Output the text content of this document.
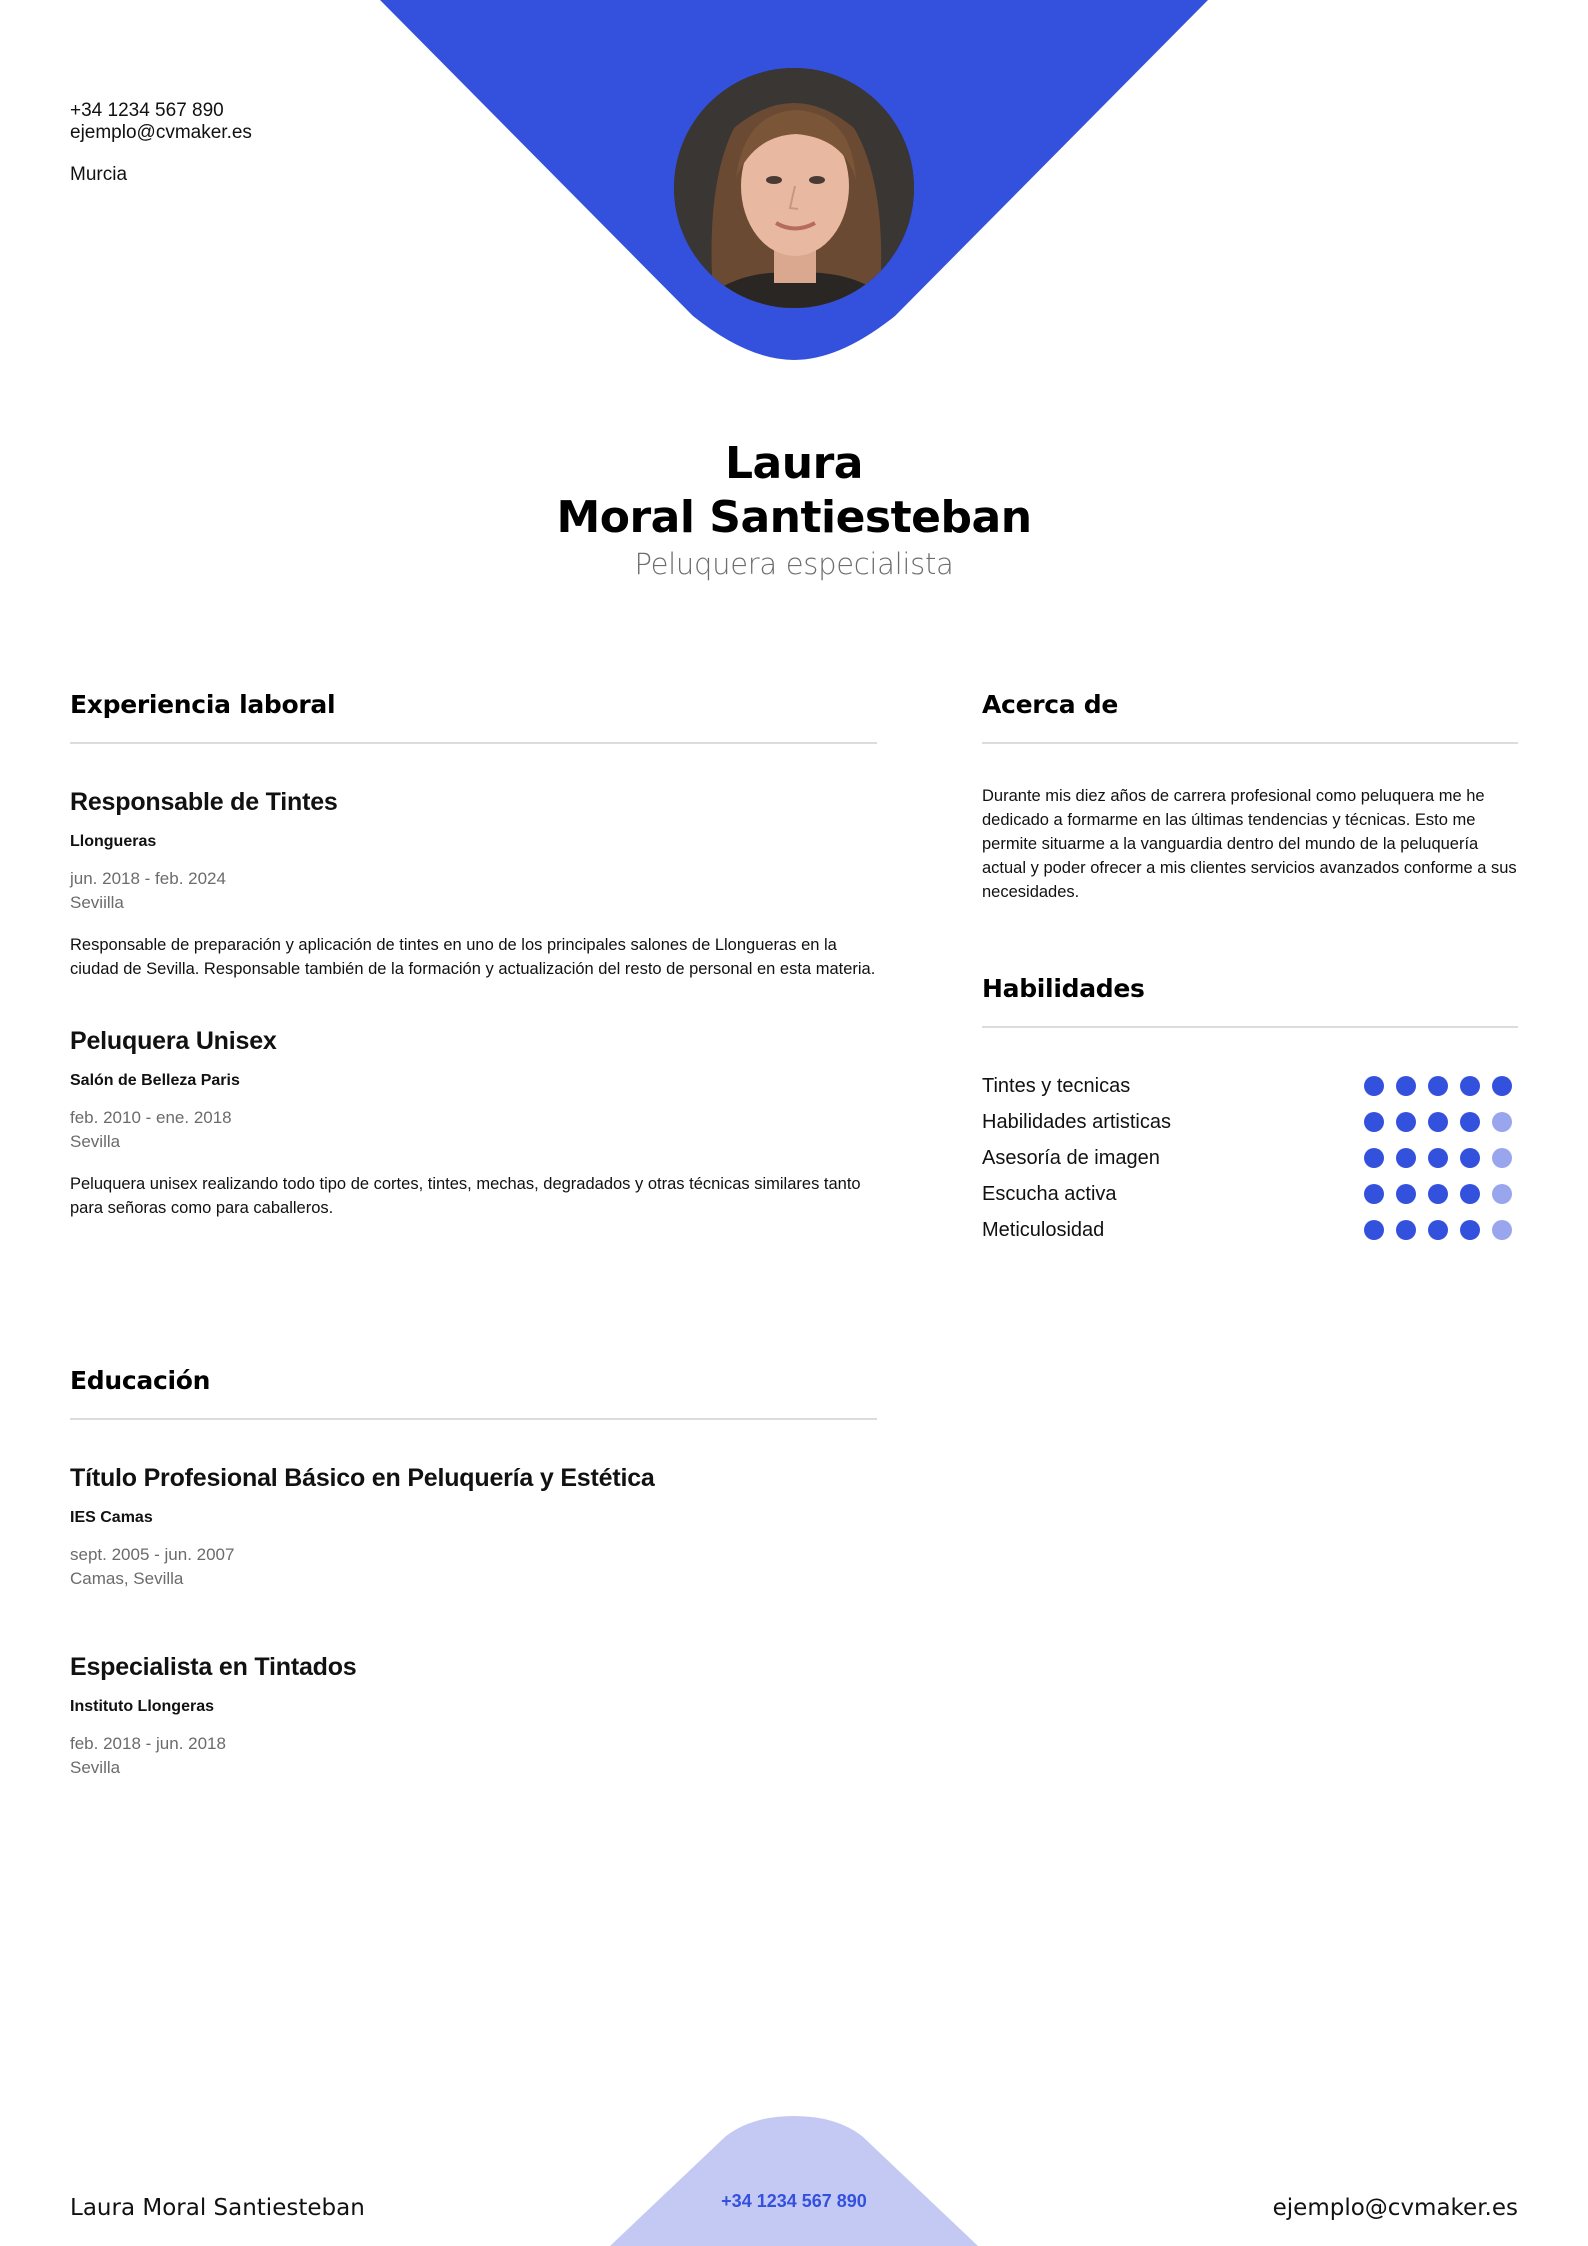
+34 1234 567 890
ejemplo@cvmaker.es
Murcia
Laura
Moral Santiesteban
Peluquera especialista
Experiencia laboral
Responsable de Tintes
Llongueras
jun. 2018 - feb. 2024
Seviilla
Responsable de preparación y aplicación de tintes en uno de los principales salones de Llongueras en la ciudad de Sevilla. Responsable también de la formación y actualización del resto de personal en esta materia.
Peluquera Unisex
Salón de Belleza Paris
feb. 2010 - ene. 2018
Sevilla
Peluquera unisex realizando todo tipo de cortes, tintes, mechas, degradados y otras técnicas similares tanto para señoras como para caballeros.
Educación
Título Profesional Básico en Peluquería y Estética
IES Camas
sept. 2005 - jun. 2007
Camas, Sevilla
Especialista en Tintados
Instituto Llongeras
feb. 2018 - jun. 2018
Sevilla
Acerca de
Durante mis diez años de carrera profesional como peluquera me he dedicado a formarme en las últimas tendencias y técnicas. Esto me permite situarme a la vanguardia dentro del mundo de la peluquería actual y poder ofrecer a mis clientes servicios avanzados conforme a sus necesidades.
Habilidades
Tintes y tecnicas
Habilidades artisticas
Asesoría de imagen
Escucha activa
Meticulosidad
Laura Moral Santiesteban	+34 1234 567 890	ejemplo@cvmaker.es
